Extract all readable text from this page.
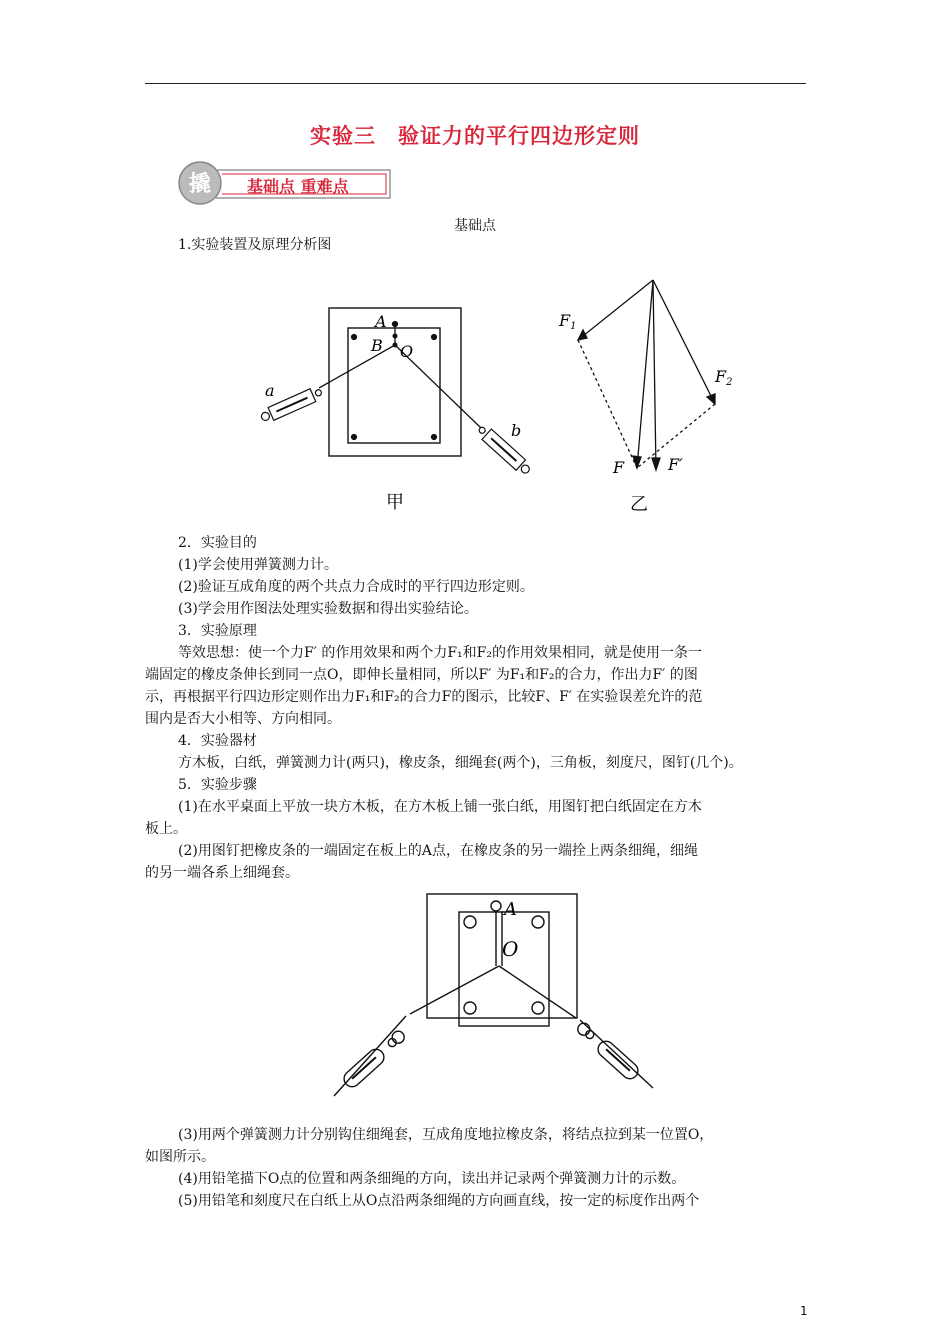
实验三 验证力的平行四边形定则
撬 基础点 重难点
基础点
1.实验装置及原理分析图
A
B O
a
b
F1
F2
F	F′
甲	乙
2．实验目的
(1)学会使用弹簧测力计。
(2)验证互成角度的两个共点力合成时的平行四边形定则。
(3)学会用作图法处理实验数据和得出实验结论。
3．实验原理
等效思想：使一个力F′ 的作用效果和两个力F₁和F₂的作用效果相同，就是使用一条一
端固定的橡皮条伸长到同一点O，即伸长量相同，所以F′ 为F₁和F₂的合力，作出力F′ 的图
示，再根据平行四边形定则作出力F₁和F₂的合力F的图示，比较F、F′ 在实验误差允许的范
围内是否大小相等、方向相同。
4．实验器材
方木板，白纸，弹簧测力计(两只)，橡皮条，细绳套(两个)，三角板，刻度尺，图钉(几个)。
5．实验步骤
(1)在水平桌面上平放一块方木板，在方木板上铺一张白纸，用图钉把白纸固定在方木
板上。
(2)用图钉把橡皮条的一端固定在板上的A点，在橡皮条的另一端拴上两条细绳，细绳
的另一端各系上细绳套。
A
O
(3)用两个弹簧测力计分别钩住细绳套，互成角度地拉橡皮条，将结点拉到某一位置O，
如图所示。
(4)用铅笔描下O点的位置和两条细绳的方向，读出并记录两个弹簧测力计的示数。
(5)用铅笔和刻度尺在白纸上从O点沿两条细绳的方向画直线，按一定的标度作出两个
1
